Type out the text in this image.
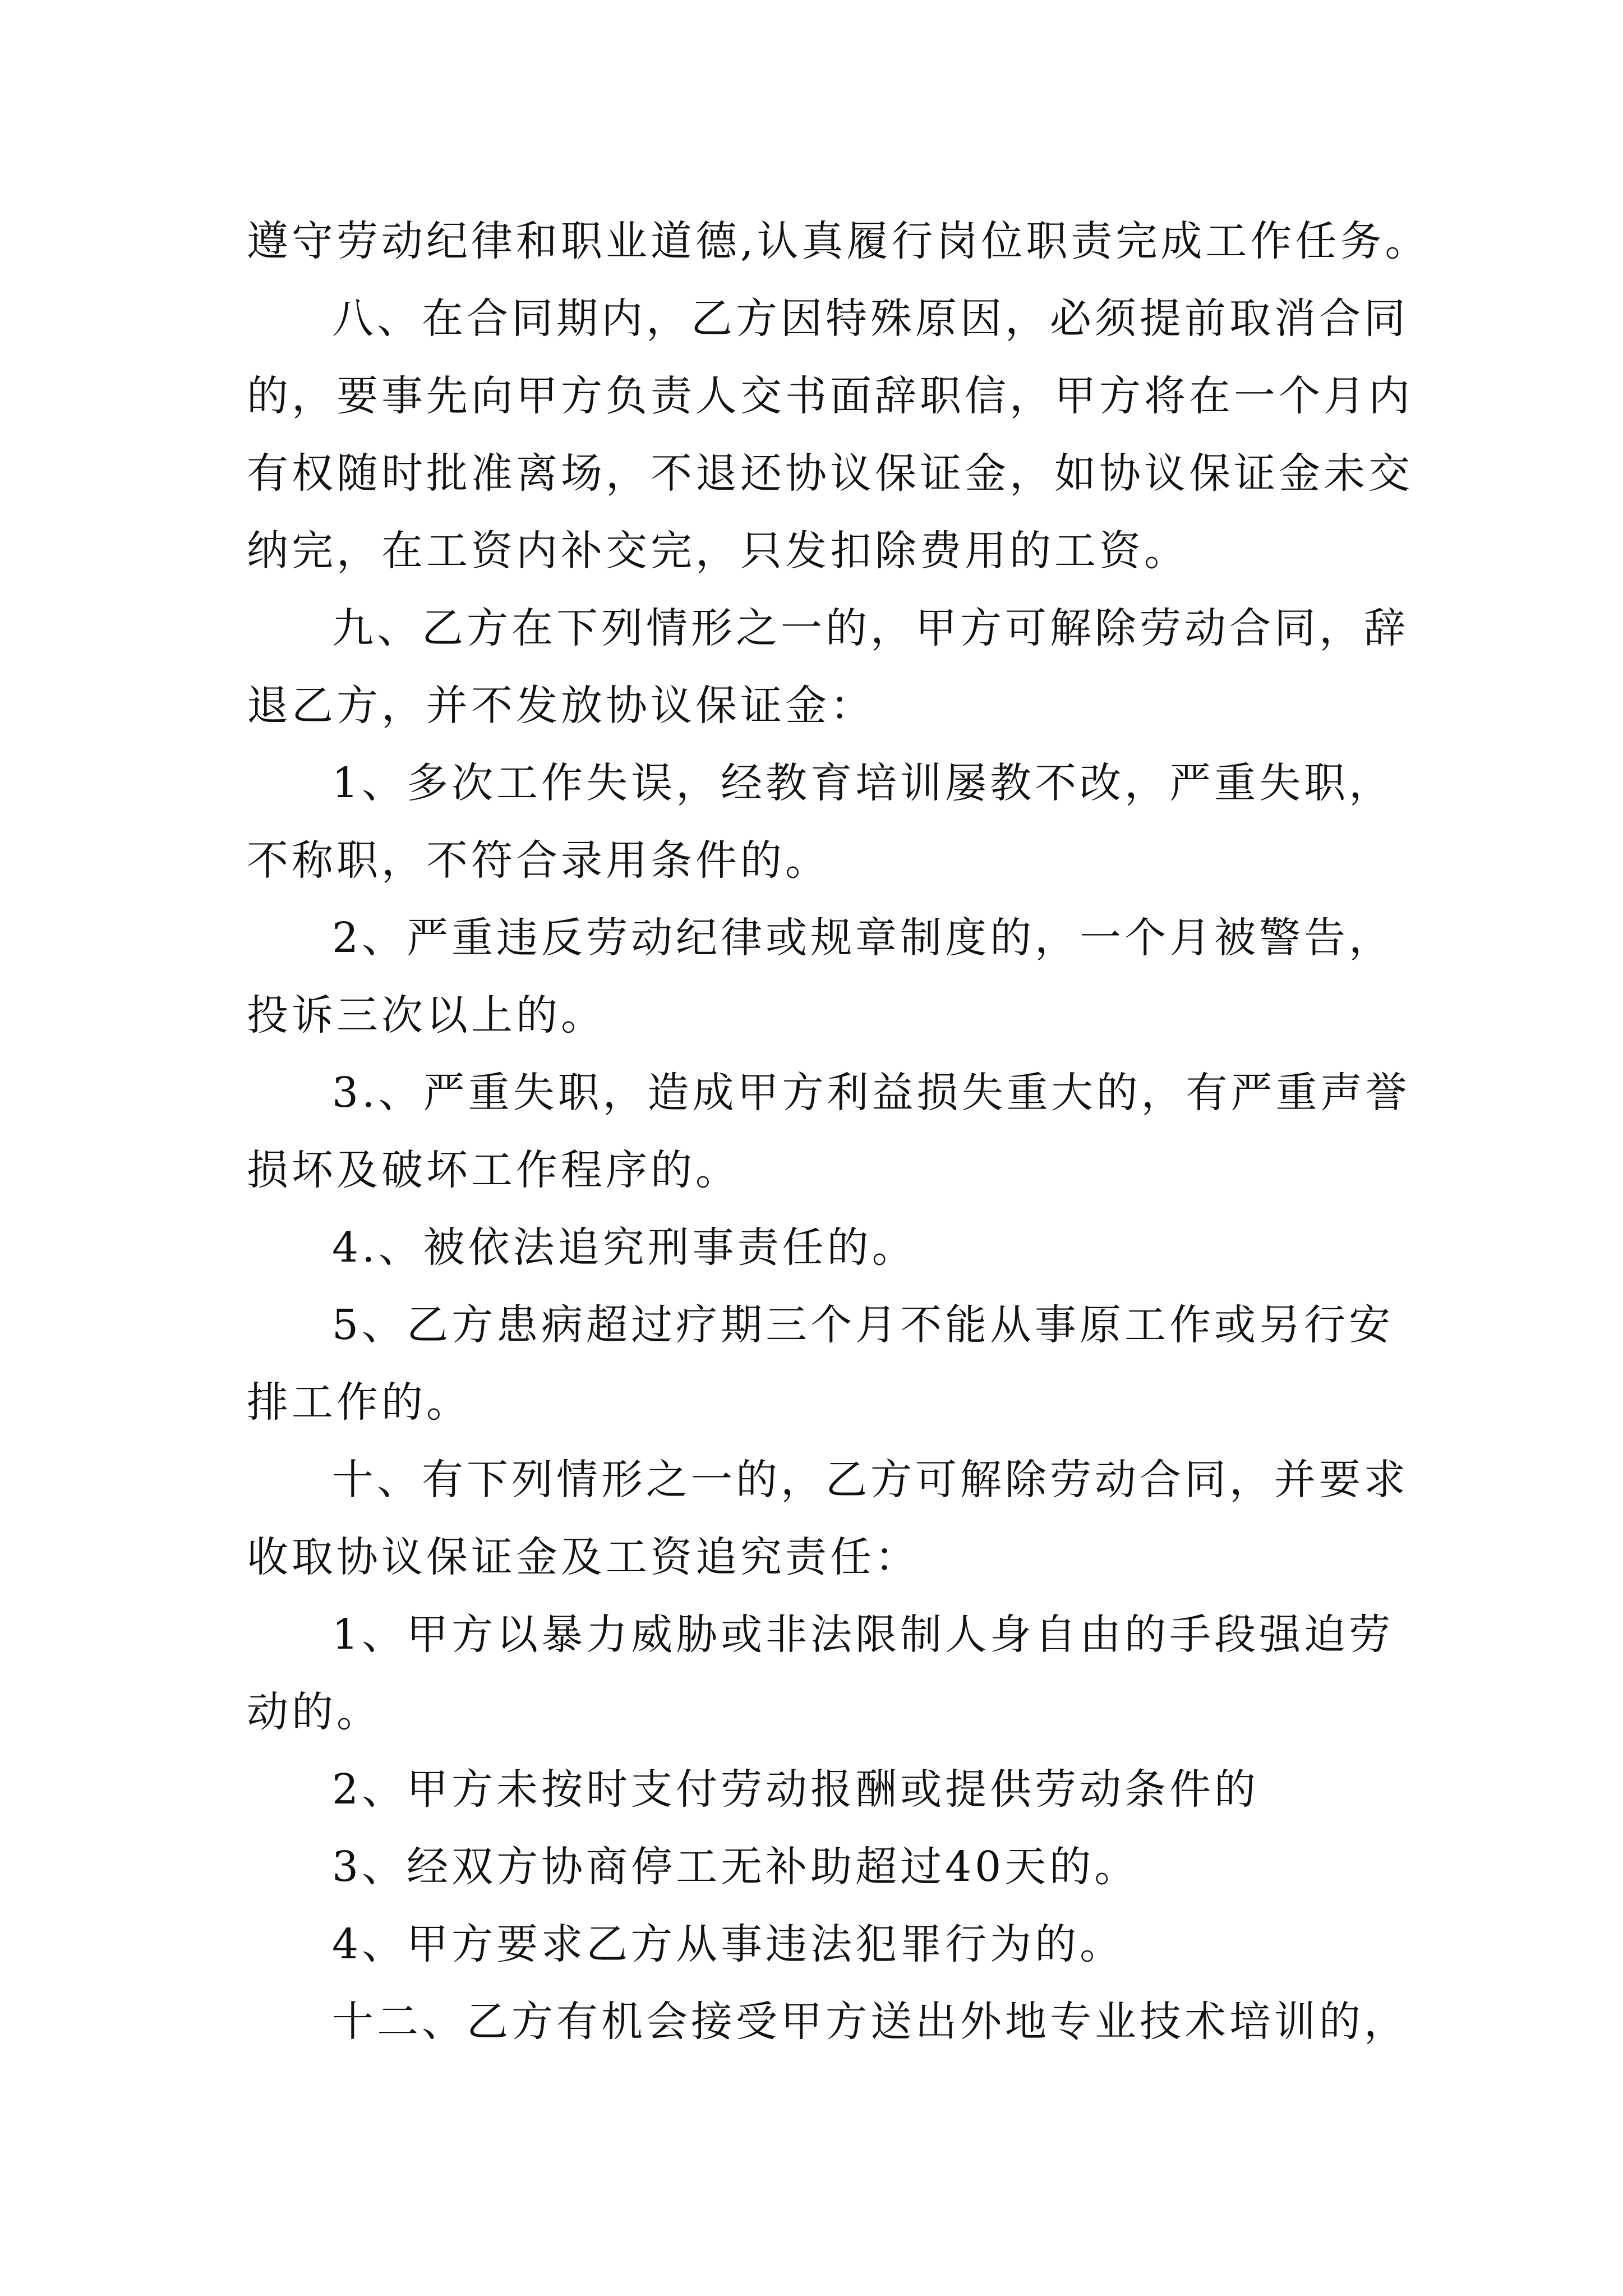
遵守劳动纪律和职业道德,认真履行岗位职责完成工作任务。
八、在合同期内，乙方因特殊原因，必须提前取消合同
的，要事先向甲方负责人交书面辞职信，甲方将在一个月内
有权随时批准离场，不退还协议保证金，如协议保证金未交
纳完，在工资内补交完，只发扣除费用的工资。
九、乙方在下列情形之一的，甲方可解除劳动合同，辞
退乙方，并不发放协议保证金：
1、多次工作失误，经教育培训屡教不改，严重失职，
不称职，不符合录用条件的。
2、严重违反劳动纪律或规章制度的，一个月被警告，
投诉三次以上的。
3.、严重失职，造成甲方利益损失重大的，有严重声誉
损坏及破坏工作程序的。
4.、被依法追究刑事责任的。
5、乙方患病超过疗期三个月不能从事原工作或另行安
排工作的。
十、有下列情形之一的，乙方可解除劳动合同，并要求
收取协议保证金及工资追究责任：
1、甲方以暴力威胁或非法限制人身自由的手段强迫劳
动的。
2、甲方未按时支付劳动报酬或提供劳动条件的
3、经双方协商停工无补助超过40天的。
4、甲方要求乙方从事违法犯罪行为的。
十二、乙方有机会接受甲方送出外地专业技术培训的，
